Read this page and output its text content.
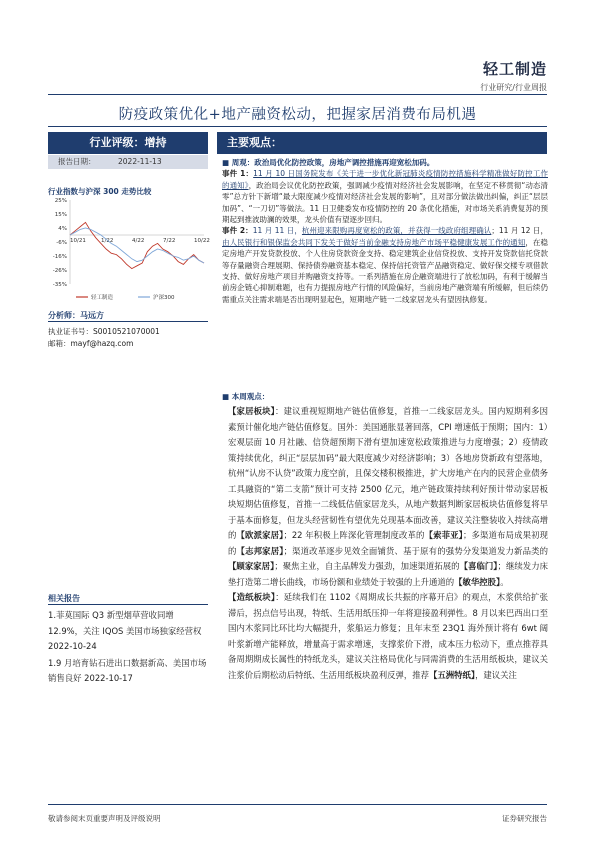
轻工制造
行业研究/行业周报
防疫政策优化+地产融资松动，把握家居消费布局机遇
行业评级：增持
报告日期：	2022-11-13
行业指数与沪深 300 走势比较
25%
15%
4%
-6%
-16%
-26%
-35%
10/21	1/22	4/22	7/22	10/22
轻工制造	沪深300
分析师：马远方
执业证书号：S0010521070001
邮箱：mayf@hazq.com
相关报告

1.菲莫国际 Q3 新型烟草营收同增 12.9%，关注 IQOS 美国市场独家经营权 2022-10-24

1.9 月培育钻石进出口数据新高、美国市场销售良好 2022-10-17

主要观点：

■ 周观：政治局优化防控政策，房地产调控措施再迎宽松加码。

事件 1：11 月 10 日国务院发布《关于进一步优化新冠肺炎疫情防控措施科学精准做好防控工作的通知》，政治局会议优化防控政策，强调减少疫情对经济社会发展影响，在坚定不移贯彻“动态清零”总方针下新增“最大限度减少疫情对经济社会发展的影响”，且对部分做法做出纠偏，纠正“层层加码”、“一刀切”等做法。11 日卫健委发布疫情防控的 20 条优化措施，对市场关系消费复苏的预期起到推波助澜的效果，龙头价值有望逐步回归。

事件 2：11 月 11 日，杭州迎来限购再度宽松的政策，并获得一线政府组理确认；11 月 12 日，由人民银行和银保监会共同下发关于做好当前金融支持房地产市场平稳健康发展工作的通知，在稳定房地产开发贷款投放、个人住房贷款资金支持、稳定建筑企业信贷投放、支持开发贷款信托贷款等存量融资合理展期、保持债券融资基本稳定、保持信托资管产品融资稳定、做好保交楼专项借款支持、做好房地产项目并购融资支持等。一系列措施在房企融资端进行了放松加码，有利于缓解当前房企链心抑制难题，也有力提振房地产行情的风险偏好，当前房地产融资端有所缓解，但后续仍需重点关注需求端是否出现明显起色，短期地产链一二线家居龙头有望因执修复。

■ 本周观点：

【家居板块】：建议重视短期地产链估值修复，首推一二线家居龙头。国内短期利多因素预计催化地产链估值修复。国外：美国通胀显著回落，CPI 增速低于预期；国内：1）宏观层面 10 月社融、信贷超预期下滑有望加速宽松政策推进与力度增强；2）疫情政策持续优化，纠正“层层加码”最大限度减少对经济影响；3）各地房贷新政有望落地，杭州“认房不认贷”政策力度空前，且保交楼积极推进，扩大房地产在内的民营企业债务工具融资的“第二支箭”预计可支持 2500 亿元，地产链政策持续利好预计带动家居板块短期估值修复，首推一二线低估值家居龙头，从地产数据判断家居板块估值修复将早于基本面修复，但龙头经营韧性有望优先兑现基本面改善，建议关注整装收入持续高增的【欧派家居】；22 年积极上阵深化管理制度改革的【索菲亚】；多渠道布局成果初现的【志邦家居】；渠道改革逐步见效全面铺货、基于原有的强势分发渠道发力新品类的【顾家家居】；聚焦主业，自主品牌发力强劲，加速渠道拓展的【喜临门】；继续发力床垫打造第二增长曲线，市场份额和业绩处于较强的上升通道的【敏华控股】。

【造纸板块】：延续我们在 1102《周期成长共振的序幕开启》的观点，木浆供给扩张滞后，拐点信号出现，特纸、生活用纸压抑一年将迎接盈利弹性。8 月以来巴西出口至国内木浆同比环比均大幅提升，浆船运力修复；且年末至 23Q1 海外预计将有 6wt 阔叶浆新增产能释放，增量高于需求增速，支撑浆价下滑，成本压力松动下，重点推荐具备周期期成长属性的特纸龙头，建议关注格局优化与同需消费的生活用纸板块，建议关注浆价后期松动后特纸、生活用纸板块盈利反弹，推荐【五洲特纸】，建议关注

敬请参阅末页重要声明及评级说明	证券研究报告
